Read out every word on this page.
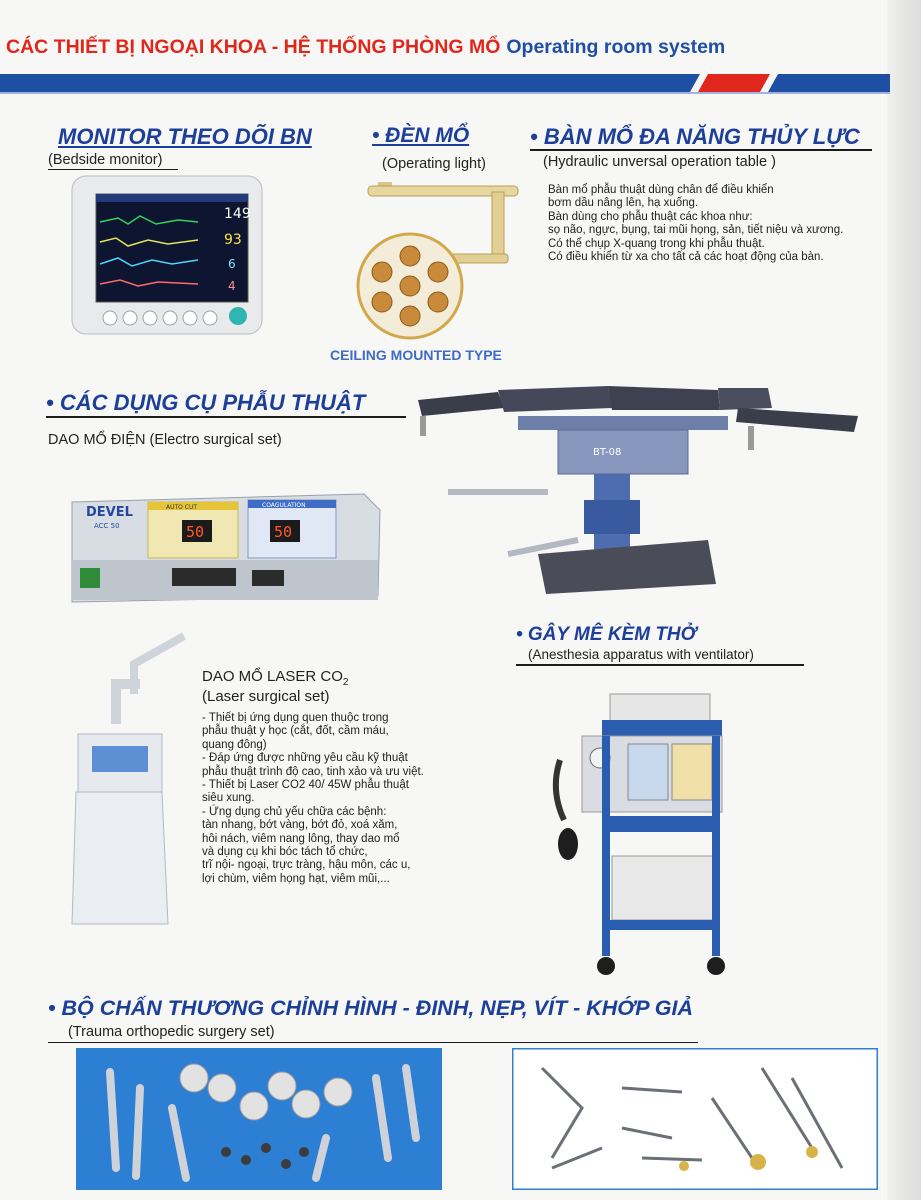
CÁC THIẾT BỊ NGOẠI KHOA - HỆ THỐNG PHÒNG MỔ Operating room system
MONITOR THEO DÕI BN
(Bedside monitor)
149
93
6
4
• ĐÈN MỔ
(Operating light)
CEILING MOUNTED TYPE
• BÀN MỔ ĐA NĂNG THỦY LỰC
(Hydraulic unversal operation table )
Bàn mổ phẫu thuật dùng chân để điều khiển
bơm dầu nâng lên, hạ xuống.
Bàn dùng cho phẫu thuật các khoa như:
sọ não, ngực, bụng, tai mũi họng, sản, tiết niệu và xương.
Có thể chụp X-quang trong khi phẫu thuật.
Có điều khiển từ xa cho tất cả các hoạt động của bàn.
BT-08
• CÁC DỤNG CỤ PHẪU THUẬT
DAO MỔ ĐIỆN (Electro surgical set)
DEVEL
ACC 50
AUTO CUT
50
COAGULATION
50
DAO MỔ LASER $CO_2$
(Laser surgical set)
- Thiết bị ứng dụng quen thuộc trong
phẫu thuật y học (cắt, đốt, cầm máu,
quang đông)
- Đáp ứng được những yêu cầu kỹ thuật
phẫu thuật trình độ cao, tinh xảo và ưu việt.
- Thiết bị Laser CO2 40/ 45W phẫu thuật
siêu xung.
- Ứng dụng chủ yếu chữa các bệnh:
tàn nhang, bớt vàng, bớt đỏ, xoá xăm,
hôi nách, viêm nang lông, thay dao mổ
và dụng cụ khi bóc tách tổ chức,
trĩ nội- ngoại, trực tràng, hậu môn, các u,
lợi chùm, viêm họng hạt, viêm mũi,...
• GÂY MÊ KÈM THỞ
(Anesthesia apparatus with ventilator)
• BỘ CHẤN THƯƠNG CHỈNH HÌNH - ĐINH, NẸP, VÍT - KHỚP GIẢ
(Trauma orthopedic surgery set)
